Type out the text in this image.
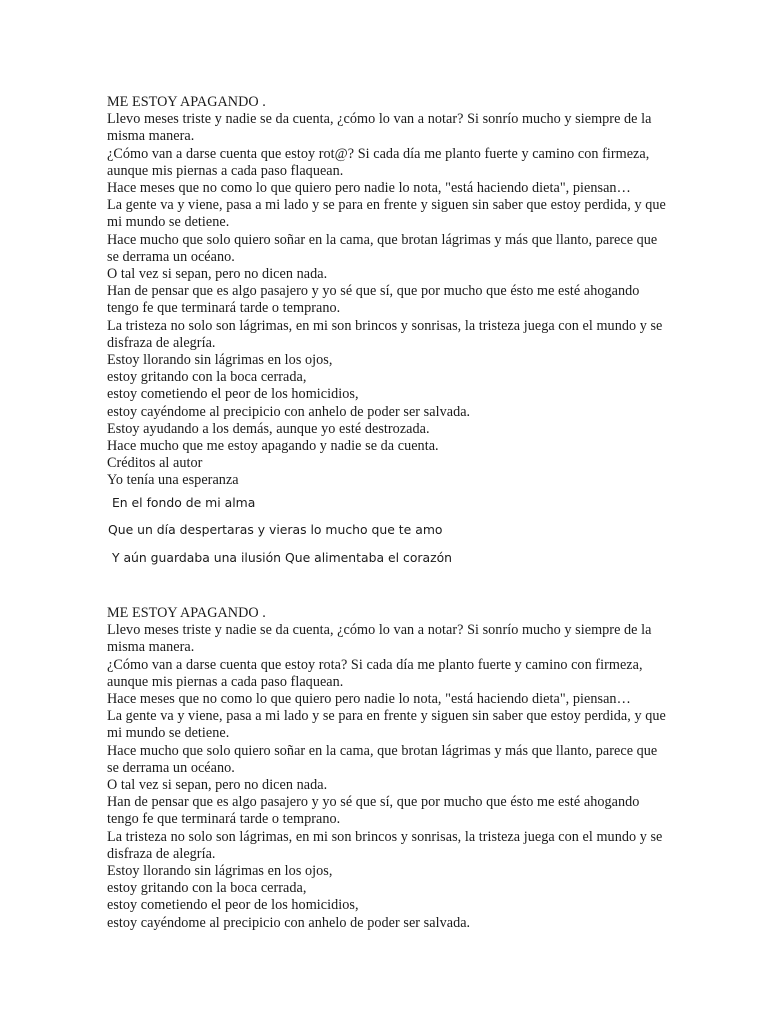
ME ESTOY APAGANDO .

Llevo meses triste y nadie se da cuenta, ¿cómo lo van a notar? Si sonrío mucho y siempre de la misma manera.

¿Cómo van a darse cuenta que estoy rot@? Si cada día me planto fuerte y camino con firmeza, aunque mis piernas a cada paso flaquean.

Hace meses que no como lo que quiero pero nadie lo nota, "está haciendo dieta", piensan…

La gente va y viene, pasa a mi lado y se para en frente y siguen sin saber que estoy perdida, y que mi mundo se detiene.

Hace mucho que solo quiero soñar en la cama, que brotan lágrimas y más que llanto, parece que se derrama un océano.

O tal vez si sepan, pero no dicen nada.

Han de pensar que es algo pasajero y yo sé que sí, que por mucho que ésto me esté ahogando tengo fe que terminará tarde o temprano.

La tristeza no solo son lágrimas, en mi son brincos y sonrisas, la tristeza juega con el mundo y se disfraza de alegría.

Estoy llorando sin lágrimas en los ojos,

estoy gritando con la boca cerrada,

estoy cometiendo el peor de los homicidios,

estoy cayéndome al precipicio con anhelo de poder ser salvada.

Estoy ayudando a los demás, aunque yo esté destrozada.

Hace mucho que me estoy apagando y nadie se da cuenta.

Créditos al autor

Yo tenía una esperanza

En el fondo de mi alma
Que un día despertaras y vieras lo mucho que te amo
Y aún guardaba una ilusión Que alimentaba el corazón

ME ESTOY APAGANDO .

Llevo meses triste y nadie se da cuenta, ¿cómo lo van a notar? Si sonrío mucho y siempre de la misma manera.

¿Cómo van a darse cuenta que estoy rota? Si cada día me planto fuerte y camino con firmeza, aunque mis piernas a cada paso flaquean.

Hace meses que no como lo que quiero pero nadie lo nota, "está haciendo dieta", piensan…

La gente va y viene, pasa a mi lado y se para en frente y siguen sin saber que estoy perdida, y que mi mundo se detiene.

Hace mucho que solo quiero soñar en la cama, que brotan lágrimas y más que llanto, parece que se derrama un océano.

O tal vez si sepan, pero no dicen nada.

Han de pensar que es algo pasajero y yo sé que sí, que por mucho que ésto me esté ahogando tengo fe que terminará tarde o temprano.

La tristeza no solo son lágrimas, en mi son brincos y sonrisas, la tristeza juega con el mundo y se disfraza de alegría.

Estoy llorando sin lágrimas en los ojos,

estoy gritando con la boca cerrada,

estoy cometiendo el peor de los homicidios,

estoy cayéndome al precipicio con anhelo de poder ser salvada.
